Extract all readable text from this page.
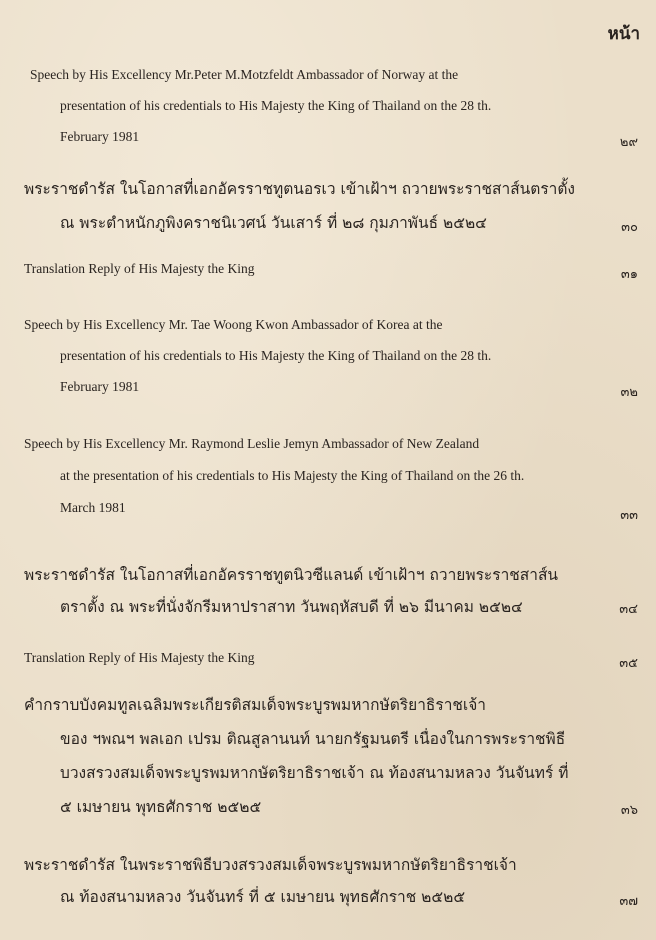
หน้า
Speech by His Excellency Mr.Peter M.Motzfeldt Ambassador of Norway at the
presentation of his credentials to His Majesty the King of Thailand on the 28 th.
February 1981	๒๙
พระราชดำรัส ในโอกาสที่เอกอัครราชทูตนอรเว เข้าเฝ้าฯ ถวายพระราชสาส์นตราตั้ง
ณ พระตำหนักภูพิงคราชนิเวศน์ วันเสาร์ ที่ ๒๘ กุมภาพันธ์ ๒๕๒๔	๓๐
Translation Reply of His Majesty the King	๓๑
Speech by His Excellency Mr. Tae Woong Kwon Ambassador of Korea at the
presentation of his credentials to His Majesty the King of Thailand on the 28 th.
February 1981	๓๒
Speech by His Excellency Mr. Raymond Leslie Jemyn Ambassador of New Zealand
at the presentation of his credentials to His Majesty the King of Thailand on the 26 th.
March 1981
๓๓
พระราชดำรัส ในโอกาสที่เอกอัครราชทูตนิวซีแลนด์ เข้าเฝ้าฯ ถวายพระราชสาส์น
ตราตั้ง ณ พระที่นั่งจักรีมหาปราสาท วันพฤหัสบดี ที่ ๒๖ มีนาคม ๒๕๒๔	๓๔
Translation Reply of His Majesty the King	๓๕
คำกราบบังคมทูลเฉลิมพระเกียรติสมเด็จพระบูรพมหากษัตริยาธิราชเจ้า
ของ ฯพณฯ พลเอก เปรม ติณสูลานนท์ นายกรัฐมนตรี เนื่องในการพระราชพิธี
บวงสรวงสมเด็จพระบูรพมหากษัตริยาธิราชเจ้า ณ ท้องสนามหลวง วันจันทร์ ที่
๕ เมษายน พุทธศักราช ๒๕๒๕	๓๖
พระราชดำรัส ในพระราชพิธีบวงสรวงสมเด็จพระบูรพมหากษัตริยาธิราชเจ้า
ณ ท้องสนามหลวง วันจันทร์ ที่ ๕ เมษายน พุทธศักราช ๒๕๒๕	๓๗
